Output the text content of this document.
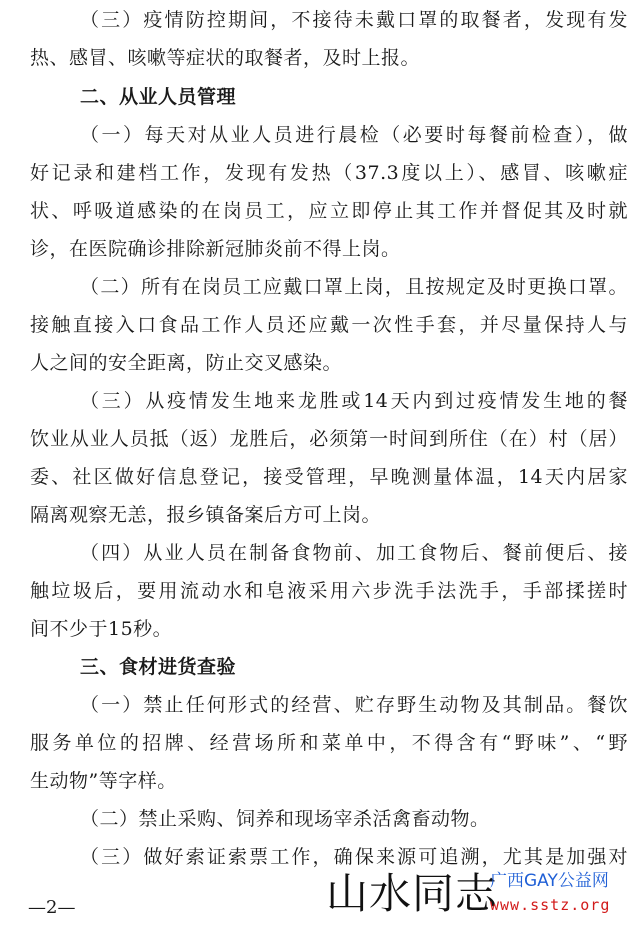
（三）疫情防控期间，不接待未戴口罩的取餐者，发现有发
热、感冒、咳嗽等症状的取餐者，及时上报。
二、从业人员管理
（一）每天对从业人员进行晨检（必要时每餐前检查），做
好记录和建档工作，发现有发热（37.3度以上）、感冒、咳嗽症
状、呼吸道感染的在岗员工，应立即停止其工作并督促其及时就
诊，在医院确诊排除新冠肺炎前不得上岗。
（二）所有在岗员工应戴口罩上岗，且按规定及时更换口罩。
接触直接入口食品工作人员还应戴一次性手套，并尽量保持人与
人之间的安全距离，防止交叉感染。
（三）从疫情发生地来龙胜或14天内到过疫情发生地的餐
饮业从业人员抵（返）龙胜后，必须第一时间到所住（在）村（居）
委、社区做好信息登记，接受管理，早晚测量体温，14天内居家
隔离观察无恙，报乡镇备案后方可上岗。
（四）从业人员在制备食物前、加工食物后、餐前便后、接
触垃圾后，要用流动水和皂液采用六步洗手法洗手，手部揉搓时
间不少于15秒。
三、食材进货查验
（一）禁止任何形式的经营、贮存野生动物及其制品。餐饮
服务单位的招牌、经营场所和菜单中，不得含有“野味”、“野
生动物”等字样。
（二）禁止采购、饲养和现场宰杀活禽畜动物。
（三）做好索证索票工作，确保来源可追溯，尤其是加强对
—2—	山水同志
广西GAY公益网
www.sstz.org
